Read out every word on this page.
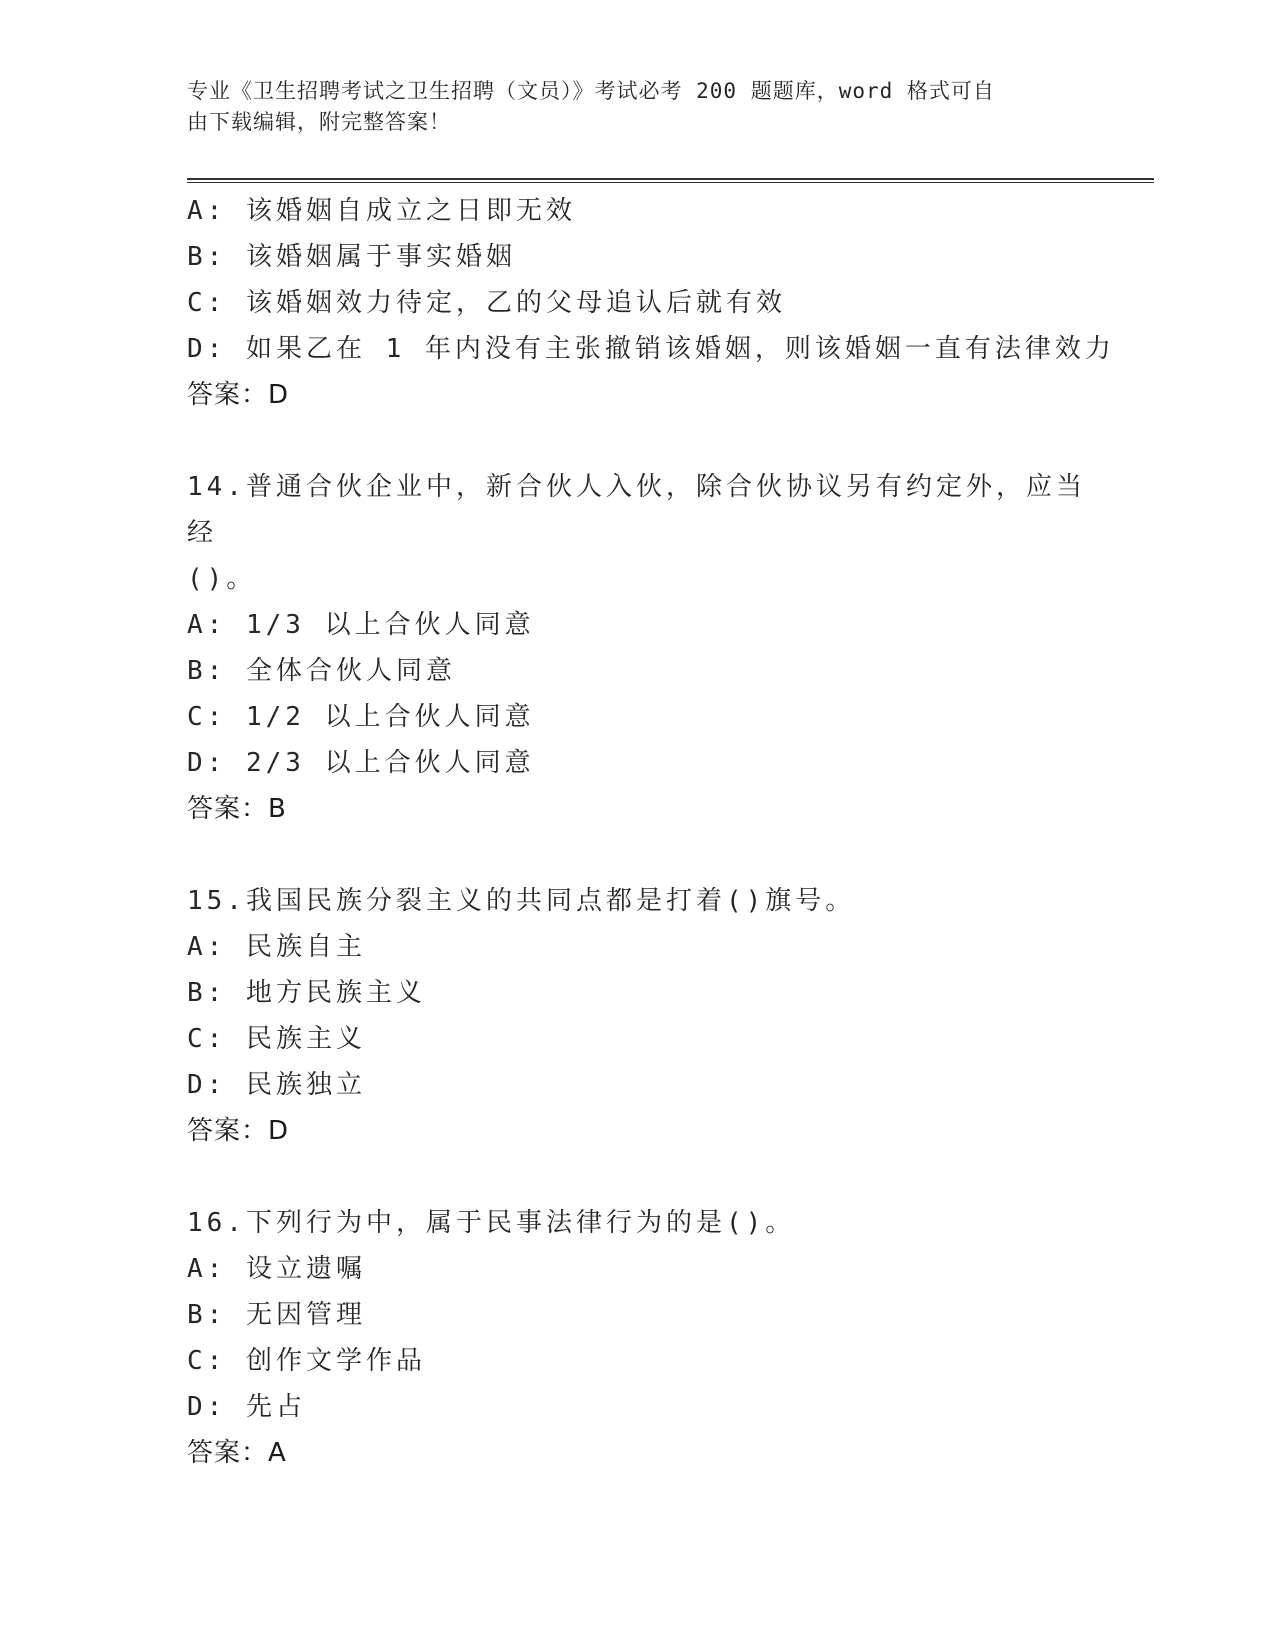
专业《卫生招聘考试之卫生招聘（文员）》考试必考 200 题题库，word 格式可自
由下载编辑，附完整答案！
A: 该婚姻自成立之日即无效
B: 该婚姻属于事实婚姻
C: 该婚姻效力待定，乙的父母追认后就有效
D: 如果乙在 1 年内没有主张撤销该婚姻，则该婚姻一直有法律效力
答案：D
14.普通合伙企业中，新合伙人入伙，除合伙协议另有约定外，应当经
()。
A: 1/3 以上合伙人同意
B: 全体合伙人同意
C: 1/2 以上合伙人同意
D: 2/3 以上合伙人同意
答案：B
15.我国民族分裂主义的共同点都是打着()旗号。
A: 民族自主
B: 地方民族主义
C: 民族主义
D: 民族独立
答案：D
16.下列行为中，属于民事法律行为的是()。
A: 设立遗嘱
B: 无因管理
C: 创作文学作品
D: 先占
答案：A
